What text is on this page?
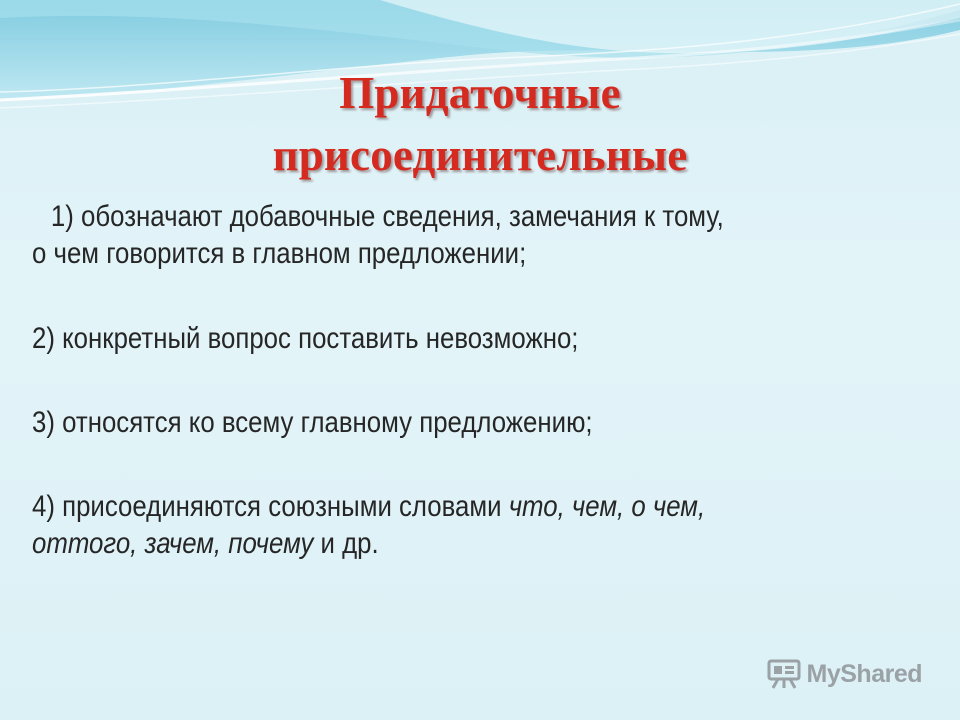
Придаточные
присоединительные

1) обозначают добавочные сведения, замечания к тому, о чем говорится в главном предложении;

2) конкретный вопрос поставить невозможно;

3) относятся ко всему главному предложению;

4) присоединяются союзными словами что, чем, о чем, оттого, зачем, почему и др.

MyShared
